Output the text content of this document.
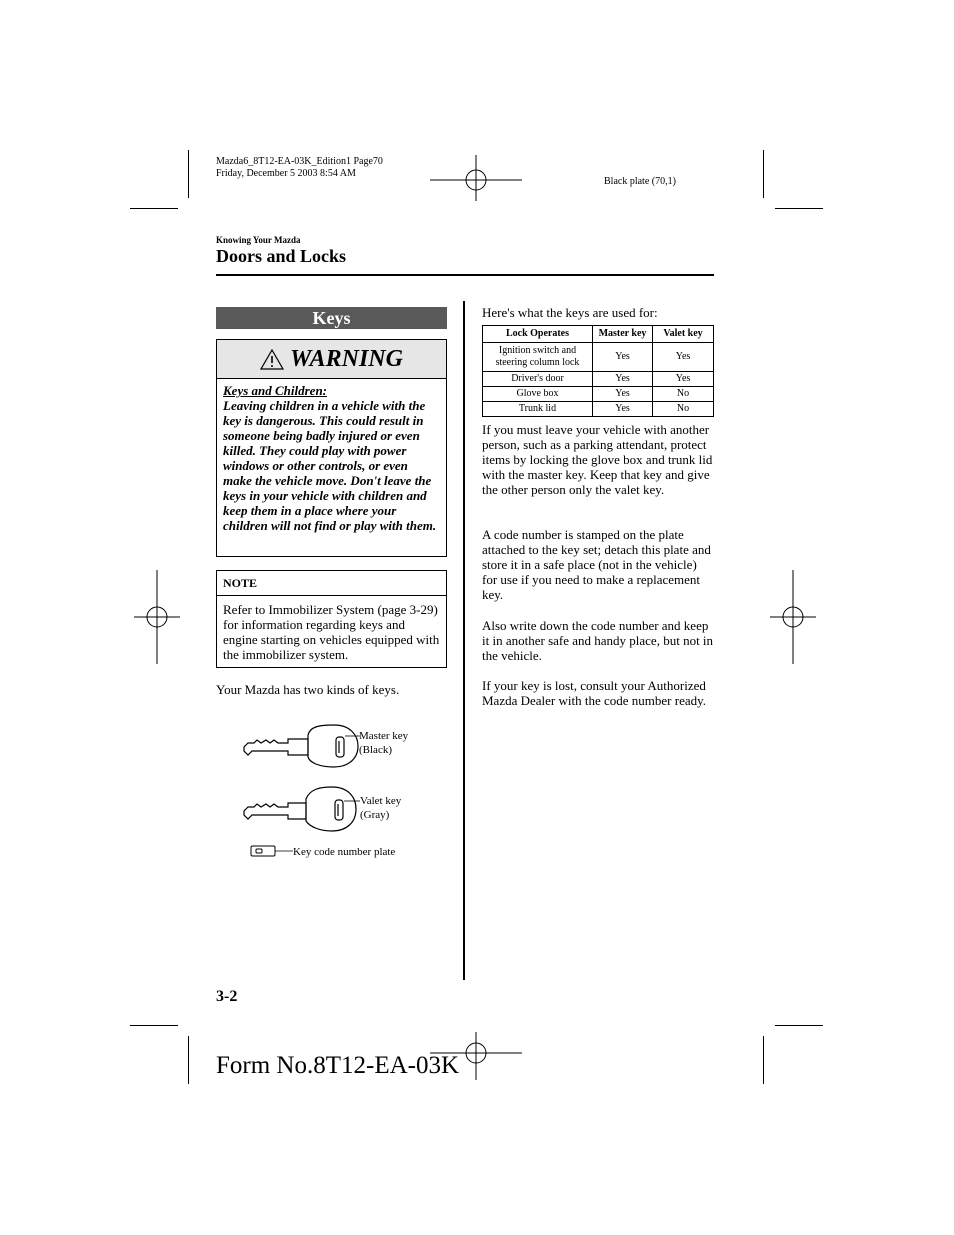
Mazda6_8T12-EA-03K_Edition1 Page70
Friday, December 5 2003 8:54 AM
Black plate (70,1)
Knowing Your Mazda
Doors and Locks
Keys
WARNING
Keys and Children:
Leaving children in a vehicle with the key is dangerous. This could result in someone being badly injured or even killed. They could play with power windows or other controls, or even make the vehicle move. Don't leave the keys in your vehicle with children and keep them in a place where your children will not find or play with them.
NOTE
Refer to Immobilizer System (page 3-29) for information regarding keys and engine starting on vehicles equipped with the immobilizer system.
Your Mazda has two kinds of keys.
Master key
(Black)
Valet key
(Gray)
Key code number plate
Here's what the keys are used for:
Lock Operates	Master key	Valet key
Ignition switch and steering column lock	Yes	Yes
Driver's door	Yes	Yes
Glove box	Yes	No
Trunk lid	Yes	No
If you must leave your vehicle with another person, such as a parking attendant, protect items by locking the glove box and trunk lid with the master key. Keep that key and give the other person only the valet key.
A code number is stamped on the plate attached to the key set; detach this plate and store it in a safe place (not in the vehicle) for use if you need to make a replacement key.
Also write down the code number and keep it in another safe and handy place, but not in the vehicle.
If your key is lost, consult your Authorized Mazda Dealer with the code number ready.
3-2
Form No.8T12-EA-03K
